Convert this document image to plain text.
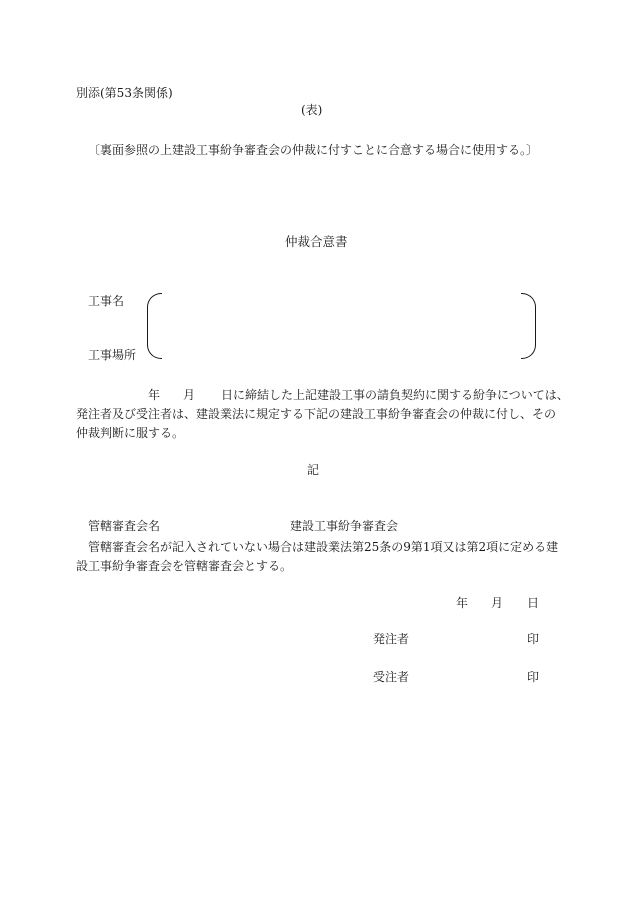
別添(第53条関係)
(表)
〔裏面参照の上建設工事紛争審査会の仲裁に付すことに合意する場合に使用する。〕
仲裁合意書
工事名
工事場所
年 月 日に締結した上記建設工事の請負契約に関する紛争については、
発注者及び受注者は、建設業法に規定する下記の建設工事紛争審査会の仲裁に付し、その
仲裁判断に服する。
記
管轄審査会名	建設工事紛争審査会
管轄審査会名が記入されていない場合は建設業法第25条の9第1項又は第2項に定める建
設工事紛争審査会を管轄審査会とする。
年 月 日
発注者	印
受注者	印
